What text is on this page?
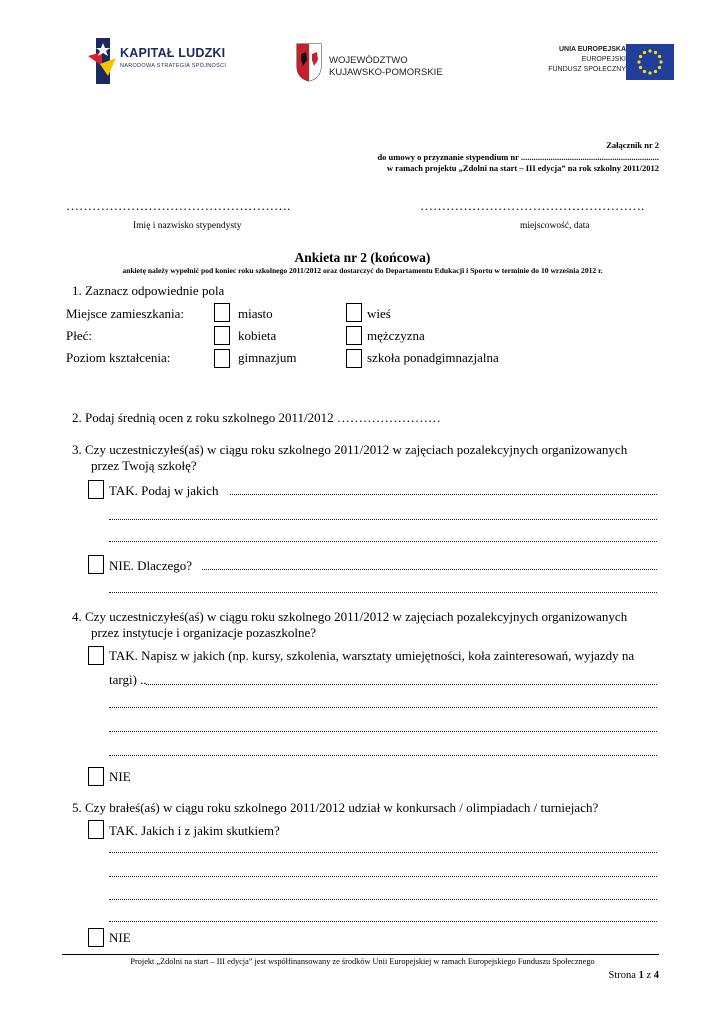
KAPITAŁ LUDZKI
NARODOWA STRATEGIA SPÓJNOŚCI	WOJEWÓDZTWO
KUJAWSKO-POMORSKIE
UNIA EUROPEJSKA
EUROPEJSKI
FUNDUSZ SPOŁECZNY
Załącznik nr 2
do umowy o przyznanie stypendium nr .................................................................
w ramach projektu „Zdolni na start – III edycja” na rok szkolny 2011/2012
…………………………………………….	…………………………………………….
Imię i nazwisko stypendysty	miejscowość, data
Ankieta nr 2 (końcowa)
ankietę należy wypełnić pod koniec roku szkolnego 2011/2012 oraz dostarczyć do Departamentu Edukacji i Sportu w terminie do 10 września 2012 r.
1. Zaznacz odpowiednie pola
Miejsce zamieszkania:	miasto	wieś
Płeć:	kobieta	mężczyzna
Poziom kształcenia:	gimnazjum	szkoła ponadgimnazjalna
2. Podaj średnią ocen z roku szkolnego 2011/2012 ……………………
3. Czy uczestniczyłeś(aś) w ciągu roku szkolnego 2011/2012 w zajęciach pozalekcyjnych organizowanych
przez Twoją szkołę?
TAK. Podaj w jakich
NIE. Dlaczego?
4. Czy uczestniczyłeś(aś) w ciągu roku szkolnego 2011/2012 w zajęciach pozalekcyjnych organizowanych
przez instytucje i organizacje pozaszkolne?
TAK. Napisz w jakich (np. kursy, szkolenia, warsztaty umiejętności, koła zainteresowań, wyjazdy na
targi) ..
NIE
5. Czy brałeś(aś) w ciągu roku szkolnego 2011/2012 udział w konkursach / olimpiadach / turniejach?
TAK. Jakich i z jakim skutkiem?
NIE
Projekt „Zdolni na start – III edycja” jest współfinansowany ze środków Unii Europejskiej w ramach Europejskiego Funduszu Społecznego
Strona 1 z 4
